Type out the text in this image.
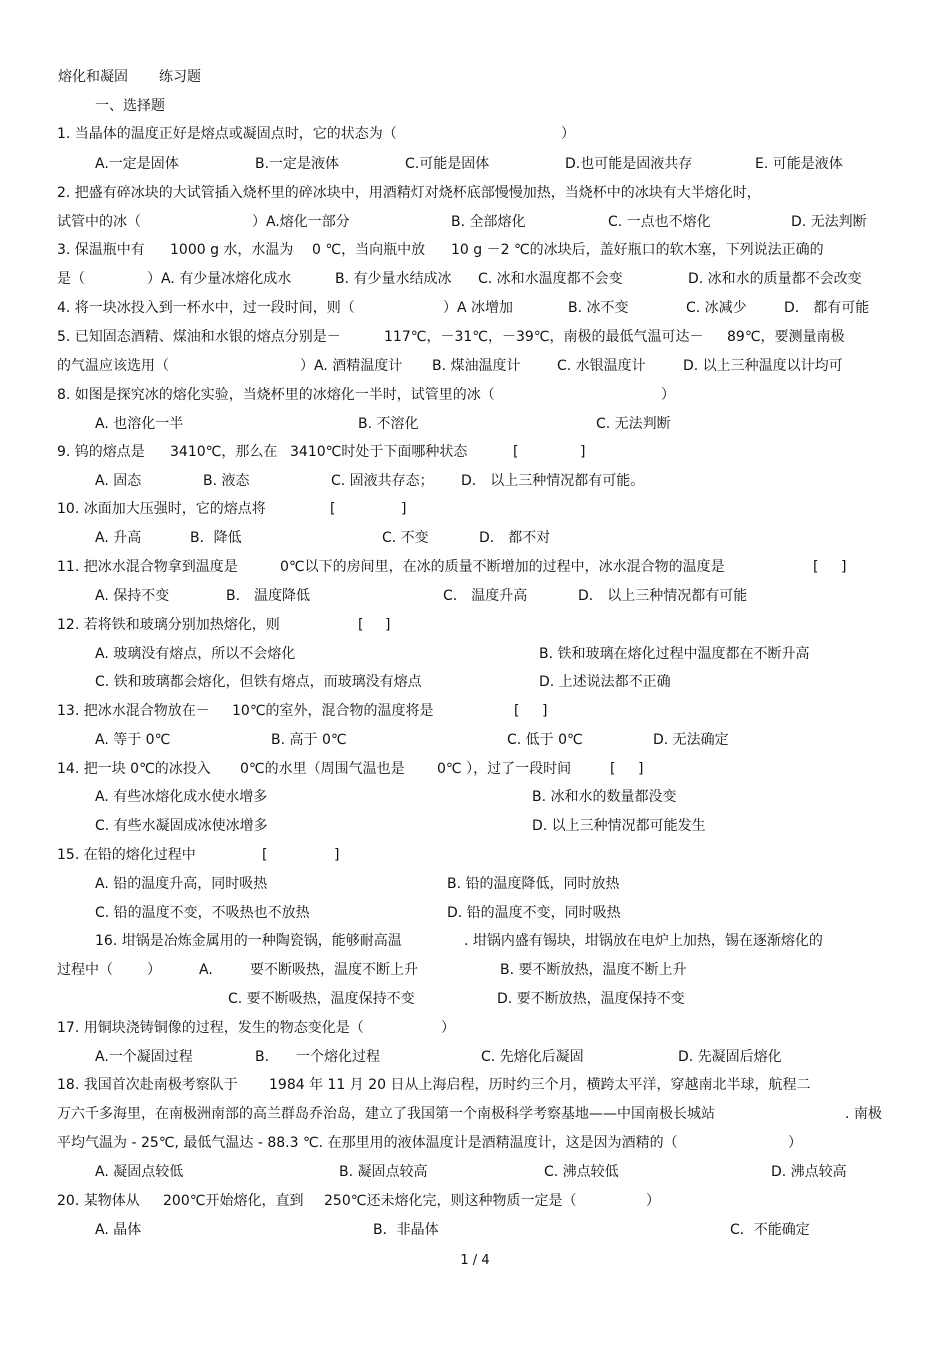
熔化和凝固 练习题
一、选择题
1. 当晶体的温度正好是熔点或凝固点时，它的状态为（	）
A.一定是固体	B.一定是液体	C.可能是固体	D.也可能是固液共存	E. 可能是液体
2. 把盛有碎冰块的大试管插入烧杯里的碎冰块中，用酒精灯对烧杯底部慢慢加热，当烧杯中的冰块有大半熔化时，
试管中的冰（	）A.熔化一部分	B. 全部熔化	C. 一点也不熔化	D. 无法判断
3. 保温瓶中有 1000 g 水，水温为 0 ℃，当向瓶中放 10 g －2 ℃的冰块后，盖好瓶口的软木塞，下列说法正确的
是（	）A. 有少量冰熔化成水	B. 有少量水结成冰 C. 冰和水温度都不会变	D. 冰和水的质量都不会改变
4. 将一块冰投入到一杯水中，过一段时间，则（	）A 冰增加	B. 冰不变	C. 冰减少	D． 都有可能
5. 已知固态酒精、煤油和水银的熔点分别是－	117℃，－31℃，－39℃，南极的最低气温可达－ 89℃，要测量南极
的气温应该选用（	）A. 酒精温度计 B. 煤油温度计	C. 水银温度计	D. 以上三种温度以计均可
8. 如图是探究冰的熔化实验，当烧杯里的冰熔化一半时，试管里的冰（	）
A. 也溶化一半	B. 不溶化	C. 无法判断
9. 钨的熔点是 3410℃，那么在 3410℃时处于下面哪种状态	[	]
A. 固态	B. 液态	C. 固液共存态； D． 以上三种情况都有可能。
10. 冰面加大压强时，它的熔点将	[	]
A. 升高	B．降低	C. 不变	D． 都不对
11. 把冰水混合物拿到温度是	0℃以下的房间里，在冰的质量不断增加的过程中，冰水混合物的温度是	[ ]
A. 保持不变	B． 温度降低	C． 温度升高	D． 以上三种情况都有可能
12. 若将铁和玻璃分别加热熔化，则	[ ]
A. 玻璃没有熔点，所以不会熔化	B. 铁和玻璃在熔化过程中温度都在不断升高
C. 铁和玻璃都会熔化，但铁有熔点，而玻璃没有熔点	D. 上述说法都不正确
13. 把冰水混合物放在－ 10℃的室外，混合物的温度将是	[ ]
A. 等于 0℃	B. 高于 0℃	C. 低于 0℃	D. 无法确定
14. 把一块 0℃的冰投入 0℃的水里（周围气温也是 0℃ ），过了一段时间	[ ]
A. 有些冰熔化成水使水增多	B. 冰和水的数量都没变
C. 有些水凝固成冰使冰增多	D. 以上三种情况都可能发生
15. 在铅的熔化过程中	[	]
A. 铅的温度升高，同时吸热	B. 铅的温度降低，同时放热
C. 铅的温度不变，不吸热也不放热	D. 铅的温度不变，同时吸热
16. 坩锅是冶炼金属用的一种陶瓷锅，能够耐高温	. 坩锅内盛有锡块，坩锅放在电炉上加热，锡在逐渐熔化的
过程中（ ）	A.	要不断吸热，温度不断上升	B. 要不断放热，温度不断上升
C. 要不断吸热，温度保持不变	D. 要不断放热，温度保持不变
17. 用铜块浇铸铜像的过程，发生的物态变化是（	）
A.一个凝固过程	B. 一个熔化过程	C. 先熔化后凝固	D. 先凝固后熔化
18. 我国首次赴南极考察队于 1984 年 11 月 20 日从上海启程，历时约三个月，横跨太平洋，穿越南北半球，航程二
万六千多海里，在南极洲南部的高兰群岛乔治岛，建立了我国第一个南极科学考察基地——中国南极长城站	. 南极
平均气温为 - 25℃, 最低气温达 - 88.3 ℃. 在那里用的液体温度计是酒精温度计，这是因为酒精的（	）
A. 凝固点较低	B. 凝固点较高	C. 沸点较低	D. 沸点较高
20. 某物体从 200℃开始熔化，直到 250℃还未熔化完，则这种物质一定是（	）
A. 晶体	B．非晶体	C．不能确定
1 / 4
